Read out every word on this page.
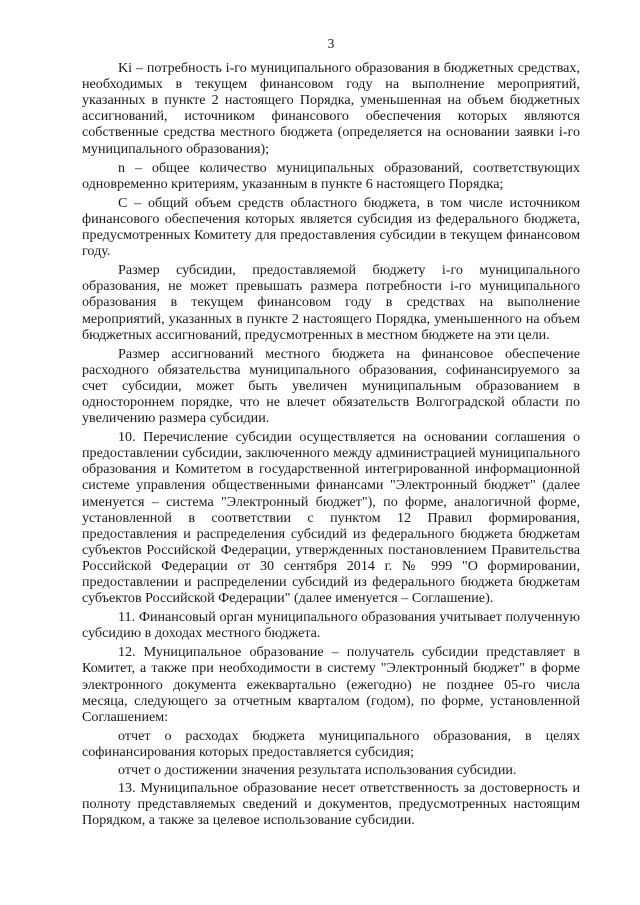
3

Ki – потребность i-го муниципального образования в бюджетных средствах, необходимых в текущем финансовом году на выполнение мероприятий, указанных в пункте 2 настоящего Порядка, уменьшенная на объем бюджетных ассигнований, источником финансового обеспечения которых являются собственные средства местного бюджета (определяется на основании заявки i-го муниципального образования);

n – общее количество муниципальных образований, соответствующих одновременно критериям, указанным в пункте 6 настоящего Порядка;

C – общий объем средств областного бюджета, в том числе источником финансового обеспечения которых является субсидия из федерального бюджета, предусмотренных Комитету для предоставления субсидии в текущем финансовом году.

Размер субсидии, предоставляемой бюджету i-го муниципального образования, не может превышать размера потребности i-го муниципального образования в текущем финансовом году в средствах на выполнение мероприятий, указанных в пункте 2 настоящего Порядка, уменьшенного на объем бюджетных ассигнований, предусмотренных в местном бюджете на эти цели.

Размер ассигнований местного бюджета на финансовое обеспечение расходного обязательства муниципального образования, софинансируемого за счет субсидии, может быть увеличен муниципальным образованием в одностороннем порядке, что не влечет обязательств Волгоградской области по увеличению размера субсидии.

10. Перечисление субсидии осуществляется на основании соглашения о предоставлении субсидии, заключенного между администрацией муниципального образования и Комитетом в государственной интегрированной информационной системе управления общественными финансами "Электронный бюджет" (далее именуется – система "Электронный бюджет"), по форме, аналогичной форме, установленной в соответствии с пунктом 12 Правил формирования, предоставления и распределения субсидий из федерального бюджета бюджетам субъектов Российской Федерации, утвержденных постановлением Правительства Российской Федерации от 30 сентября 2014 г. № 999 "О формировании, предоставлении и распределении субсидий из федерального бюджета бюджетам субъектов Российской Федерации" (далее именуется – Соглашение).

11. Финансовый орган муниципального образования учитывает полученную субсидию в доходах местного бюджета.

12. Муниципальное образование – получатель субсидии представляет в Комитет, а также при необходимости в систему "Электронный бюджет" в форме электронного документа ежеквартально (ежегодно) не позднее 05-го числа месяца, следующего за отчетным кварталом (годом), по форме, установленной Соглашением:

отчет о расходах бюджета муниципального образования, в целях софинансирования которых предоставляется субсидия;

отчет о достижении значения результата использования субсидии.

13. Муниципальное образование несет ответственность за достоверность и полноту представляемых сведений и документов, предусмотренных настоящим Порядком, а также за целевое использование субсидии.
